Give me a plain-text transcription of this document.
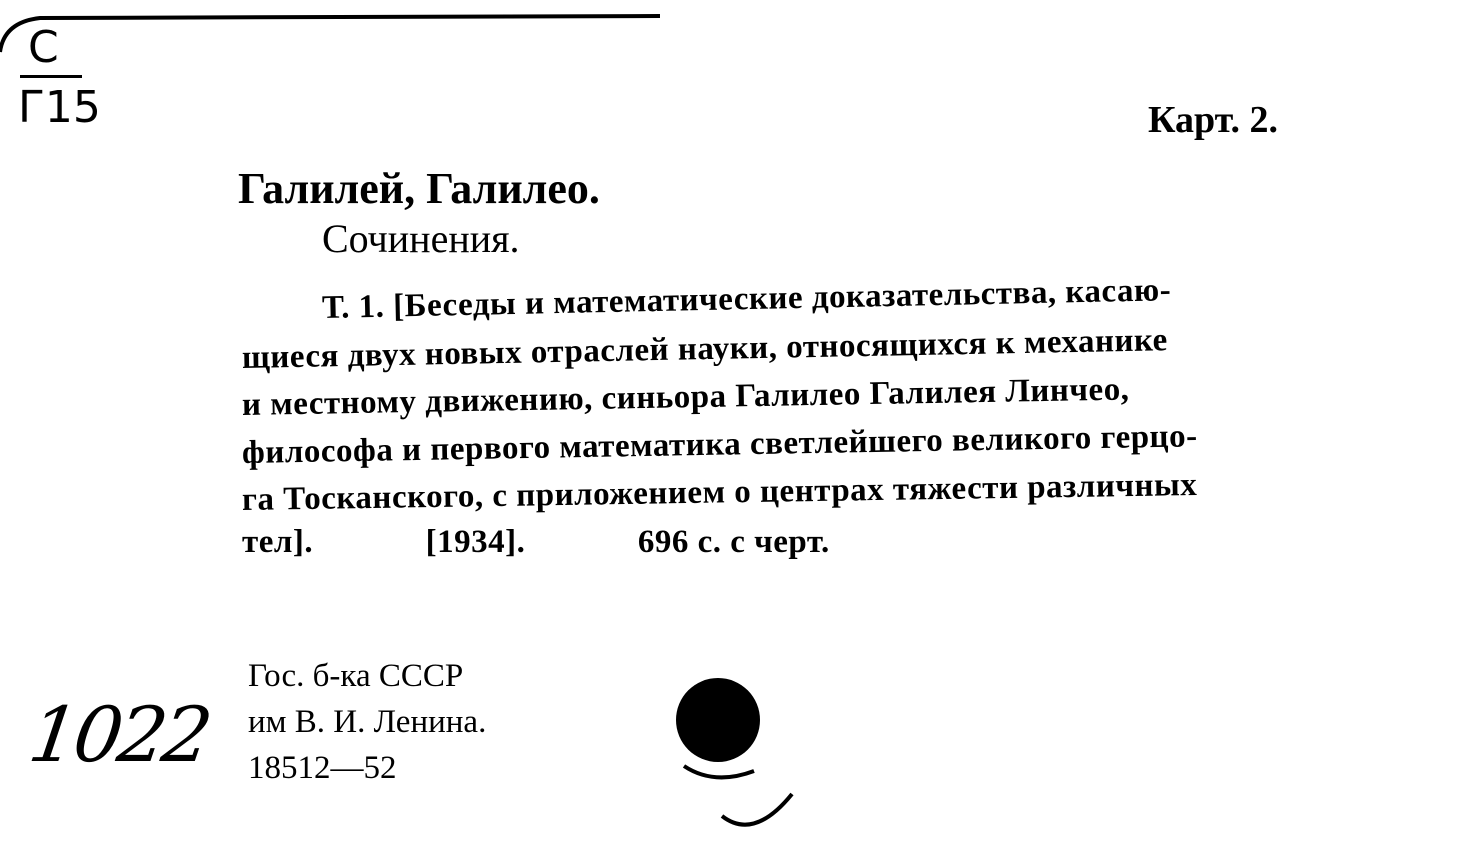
С
Г15	Карт. 2.
Галилей, Галилео.
Сочинения.
Т. 1. [Беседы и математические доказательства, касаю-
щиеся двух новых отраслей науки, относящихся к механике
и местному движению, синьора Галилео Галилея Линчео,
философа и первого математика светлейшего великого герцо-
га Тосканского, с приложением о центрах тяжести различных
тел].	[1934].	696 с. с черт.
1022
Гос. б-ка СССР
им В. И. Ленина.
18512—52
